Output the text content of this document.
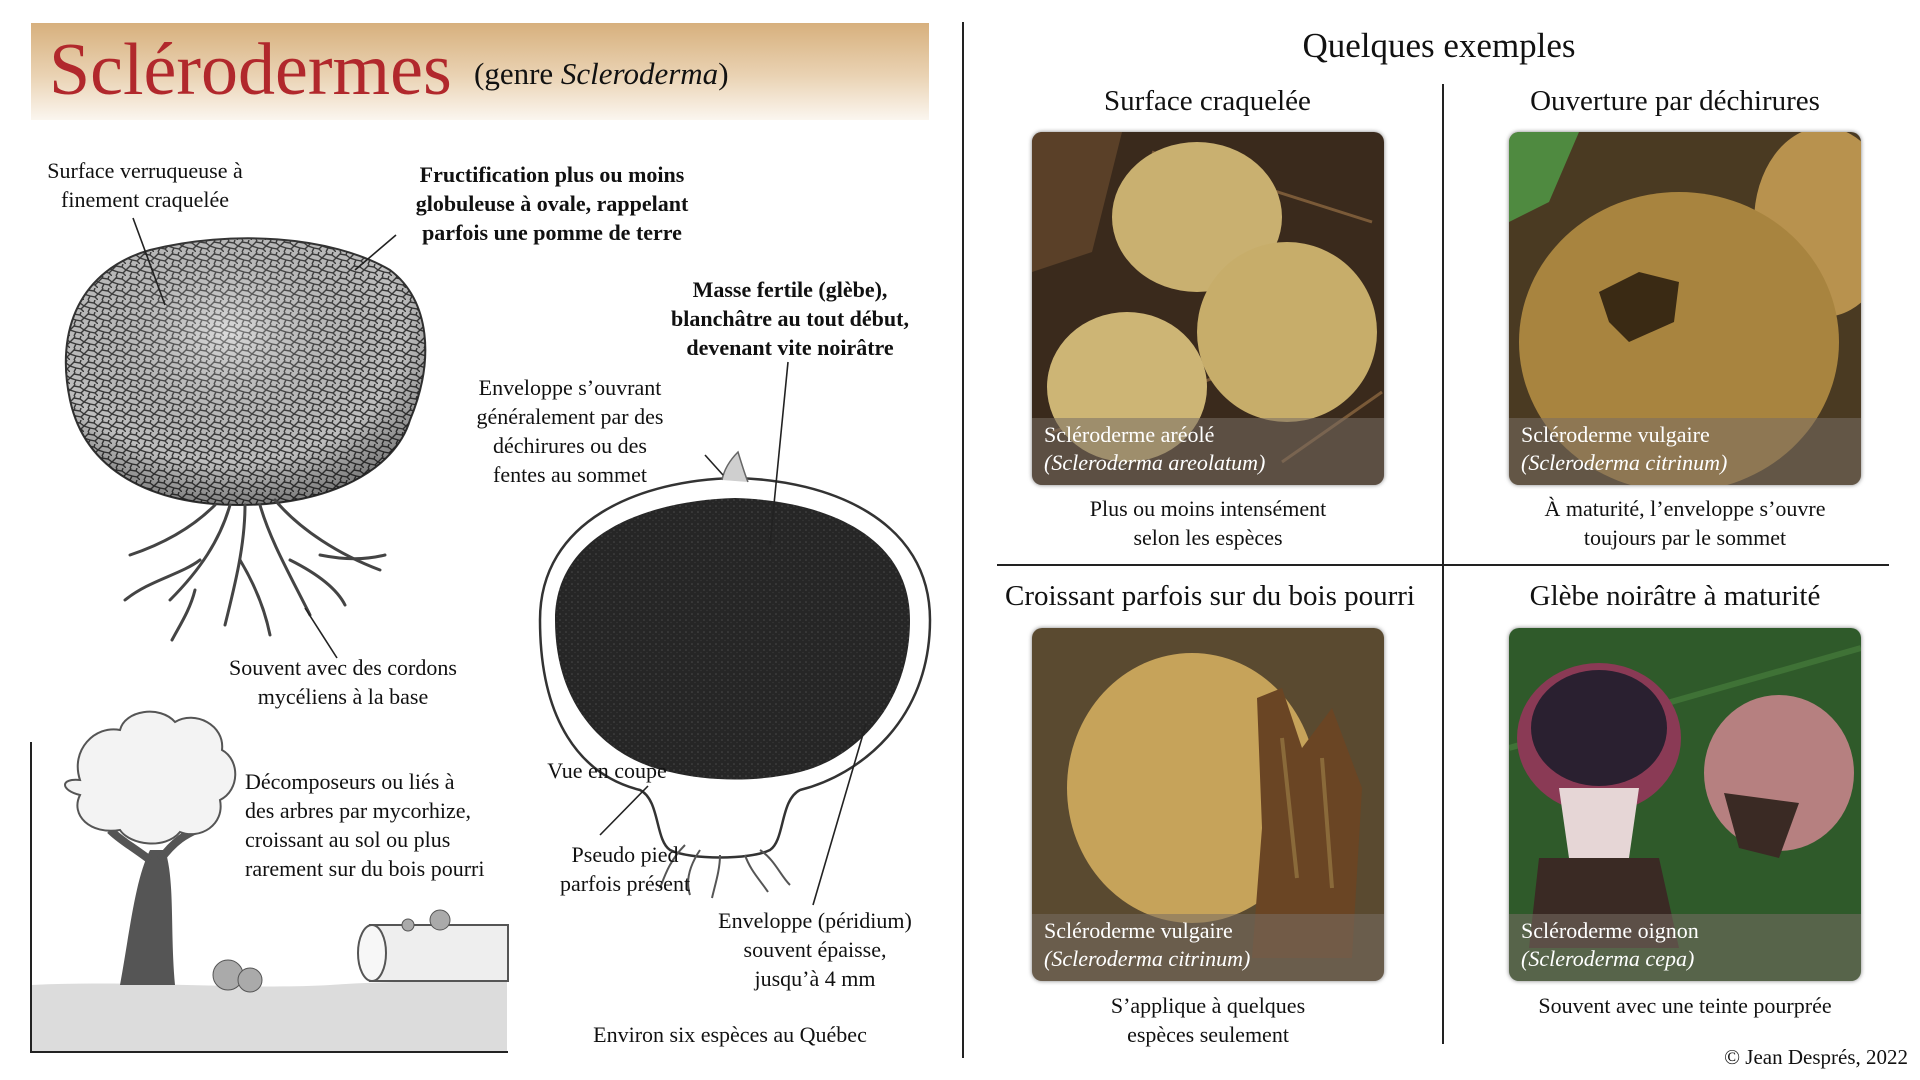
Sclérodermes (genre Scleroderma)
Surface verruqueuse à
finement craquelée
Fructification plus ou moins
globuleuse à ovale, rappelant
parfois une pomme de terre
Masse fertile (glèbe),
blanchâtre au tout début,
devenant vite noirâtre
Enveloppe s’ouvrant
généralement par des
déchirures ou des
fentes au sommet
Souvent avec des cordons
mycéliens à la base
Décomposeurs ou liés à
des arbres par mycorhize,
croissant au sol ou plus
rarement sur du bois pourri
Vue en coupe
Pseudo pied
parfois présent
Enveloppe (péridium)
souvent épaisse,
jusqu’à 4 mm
Environ six espèces au Québec
Quelques exemples
Surface craquelée
Scléroderme aréolé
(Scleroderma areolatum)
Plus ou moins intensément
selon les espèces
Ouverture par déchirures
Scléroderme vulgaire
(Scleroderma citrinum)
À maturité, l’enveloppe s’ouvre
toujours par le sommet
Croissant parfois sur du bois pourri
Scléroderme vulgaire
(Scleroderma citrinum)
S’applique à quelques
espèces seulement
Glèbe noirâtre à maturité
Scléroderme oignon
(Scleroderma cepa)
Souvent avec une teinte pourprée
© Jean Després, 2022
